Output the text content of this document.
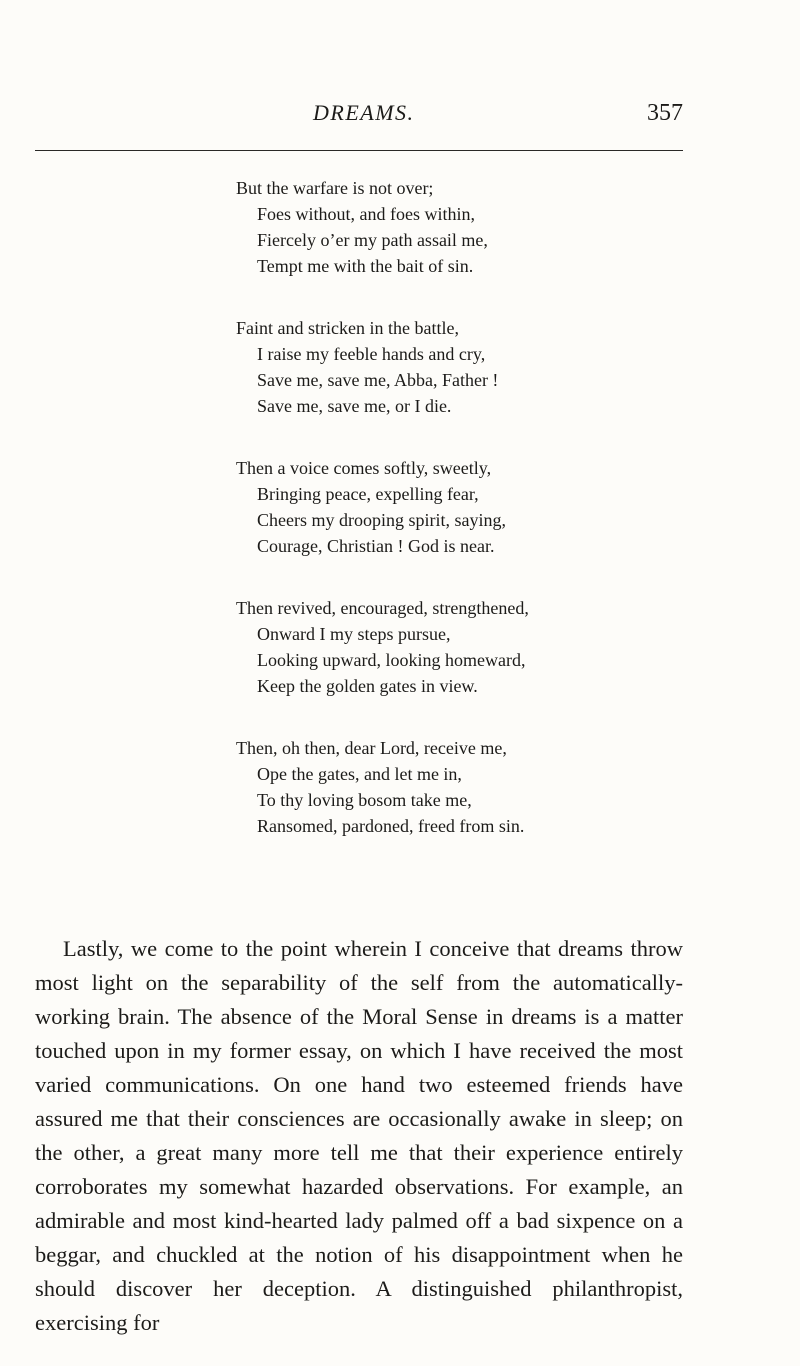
DREAMS.	357
But the warfare is not over;
Foes without, and foes within,
Fiercely o’er my path assail me,
Tempt me with the bait of sin.
Faint and stricken in the battle,
I raise my feeble hands and cry,
Save me, save me, Abba, Father !
Save me, save me, or I die.
Then a voice comes softly, sweetly,
Bringing peace, expelling fear,
Cheers my drooping spirit, saying,
Courage, Christian ! God is near.
Then revived, encouraged, strengthened,
Onward I my steps pursue,
Looking upward, looking homeward,
Keep the golden gates in view.
Then, oh then, dear Lord, receive me,
Ope the gates, and let me in,
To thy loving bosom take me,
Ransomed, pardoned, freed from sin.

Lastly, we come to the point wherein I conceive that dreams throw most light on the separability of the self from the automatically-working brain. The absence of the Moral Sense in dreams is a matter touched upon in my former essay, on which I have received the most varied communications. On one hand two esteemed friends have assured me that their consciences are occasionally awake in sleep; on the other, a great many more tell me that their experience entirely corroborates my somewhat hazarded observations. For example, an admirable and most kind-hearted lady palmed off a bad sixpence on a beggar, and chuckled at the notion of his disappointment when he should discover her deception. A distinguished philanthropist, exercising for
